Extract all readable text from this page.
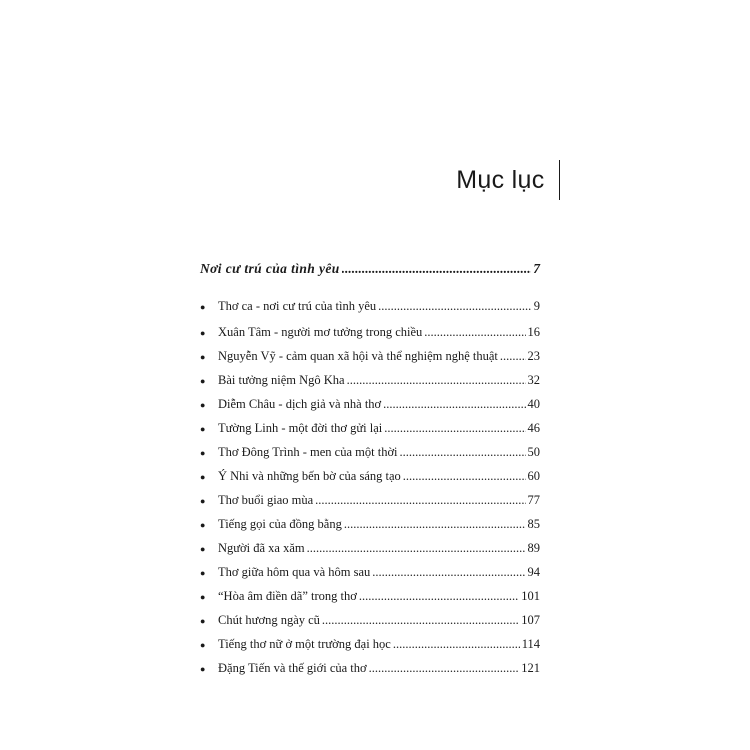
Mục lục
Nơi cư trú của tình yêu .....	7
●	Thơ ca - nơi cư trú của tình yêu .....	9
●	Xuân Tâm - người mơ tưởng trong chiều .....	16
●	Nguyễn Vỹ - cảm quan xã hội và thể nghiệm nghệ thuật ..... 23
●	Bài tưởng niệm Ngô Kha .....	32
●	Diễm Châu - dịch giả và nhà thơ .....	40
●	Tường Linh - một đời thơ gửi lại .....	46
●	Thơ Đông Trình - men của một thời .....	50
●	Ý Nhi và những bến bờ của sáng tạo .....	60
●	Thơ buổi giao mùa .....	77
●	Tiếng gọi của đồng bằng .....	85
●	Người đã xa xăm .....	89
●	Thơ giữa hôm qua và hôm sau .....	94
●	“Hòa âm điền dã” trong thơ .....	101
●	Chút hương ngày cũ .....	107
●	Tiếng thơ nữ ở một trường đại học .....	114
●	Đặng Tiến và thế giới của thơ .....	121
